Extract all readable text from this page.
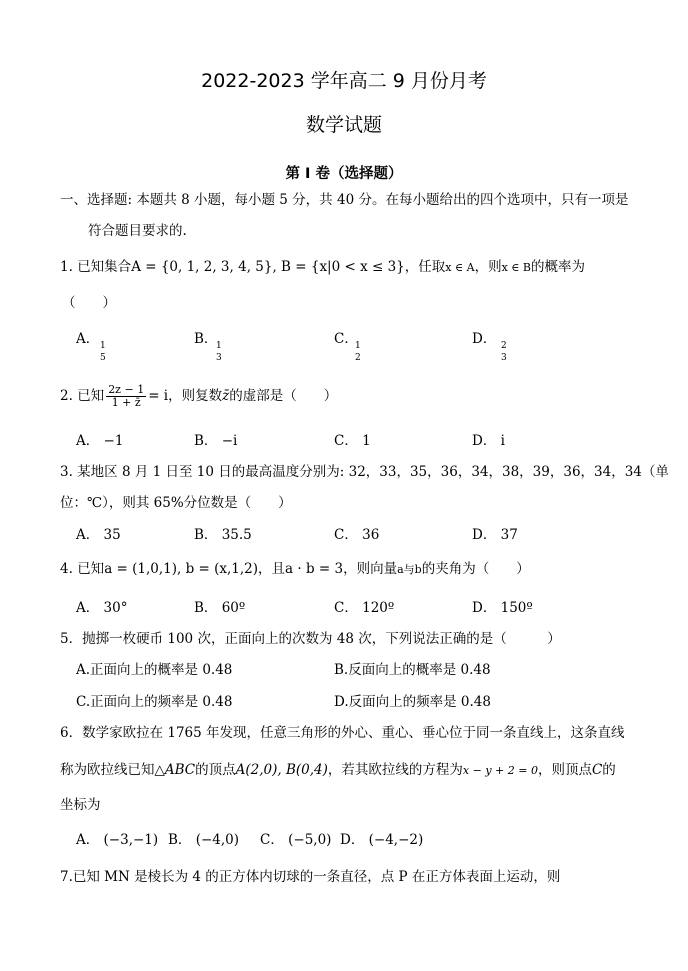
2022-2023 学年高二 9 月份月考
数学试题
第 I 卷（选择题）
一、选择题: 本题共 8 小题，每小题 5 分，共 40 分。在每小题给出的四个选项中，只有一项是
符合题目要求的.
1. 已知集合A = {0, 1, 2, 3, 4, 5}, B = {x|0 < x ≤ 3}，任取x ∈ A，则x ∈ B的概率为
（　　）
A． 1
5
B．
1
3
C．
1
2
D． 2
3
2. 已知 $\frac{2z - 1}{1 + z̄} = i$，则复数z̄的虚部是（　　）
A． −1	B． −i	C． 1	D． i
3. 某地区 8 月 1 日至 10 日的最高温度分别为: 32，33，35，36，34，38，39，36，34，34（单
位：℃），则其 65%分位数是（　　）
A． 35	B． 35.5	C． 36	D． 37
4. 已知a = (1,0,1), b = (x,1,2)，且a · b = 3，则向量a与b的夹角为（　　）
A． 30°	B． 60º	C． 120º	D． 150º
5．抛掷一枚硬币 100 次，正面向上的次数为 48 次，下列说法正确的是（　　　）
A.正面向上的概率是 0.48	B.反面向上的概率是 0.48
C.正面向上的频率是 0.48	D.反面向上的频率是 0.48
6．数学家欧拉在 1765 年发现，任意三角形的外心、重心、垂心位于同一条直线上，这条直线
称为欧拉线已知△ABC的顶点A(2,0), B(0,4)，若其欧拉线的方程为x − y + 2 = 0，则顶点C的
坐标为
A． (−3,−1) B． (−4,0) C． (−5,0) D． (−4,−2)
7.已知 MN 是棱长为 4 的正方体内切球的一条直径，点 P 在正方体表面上运动，则
